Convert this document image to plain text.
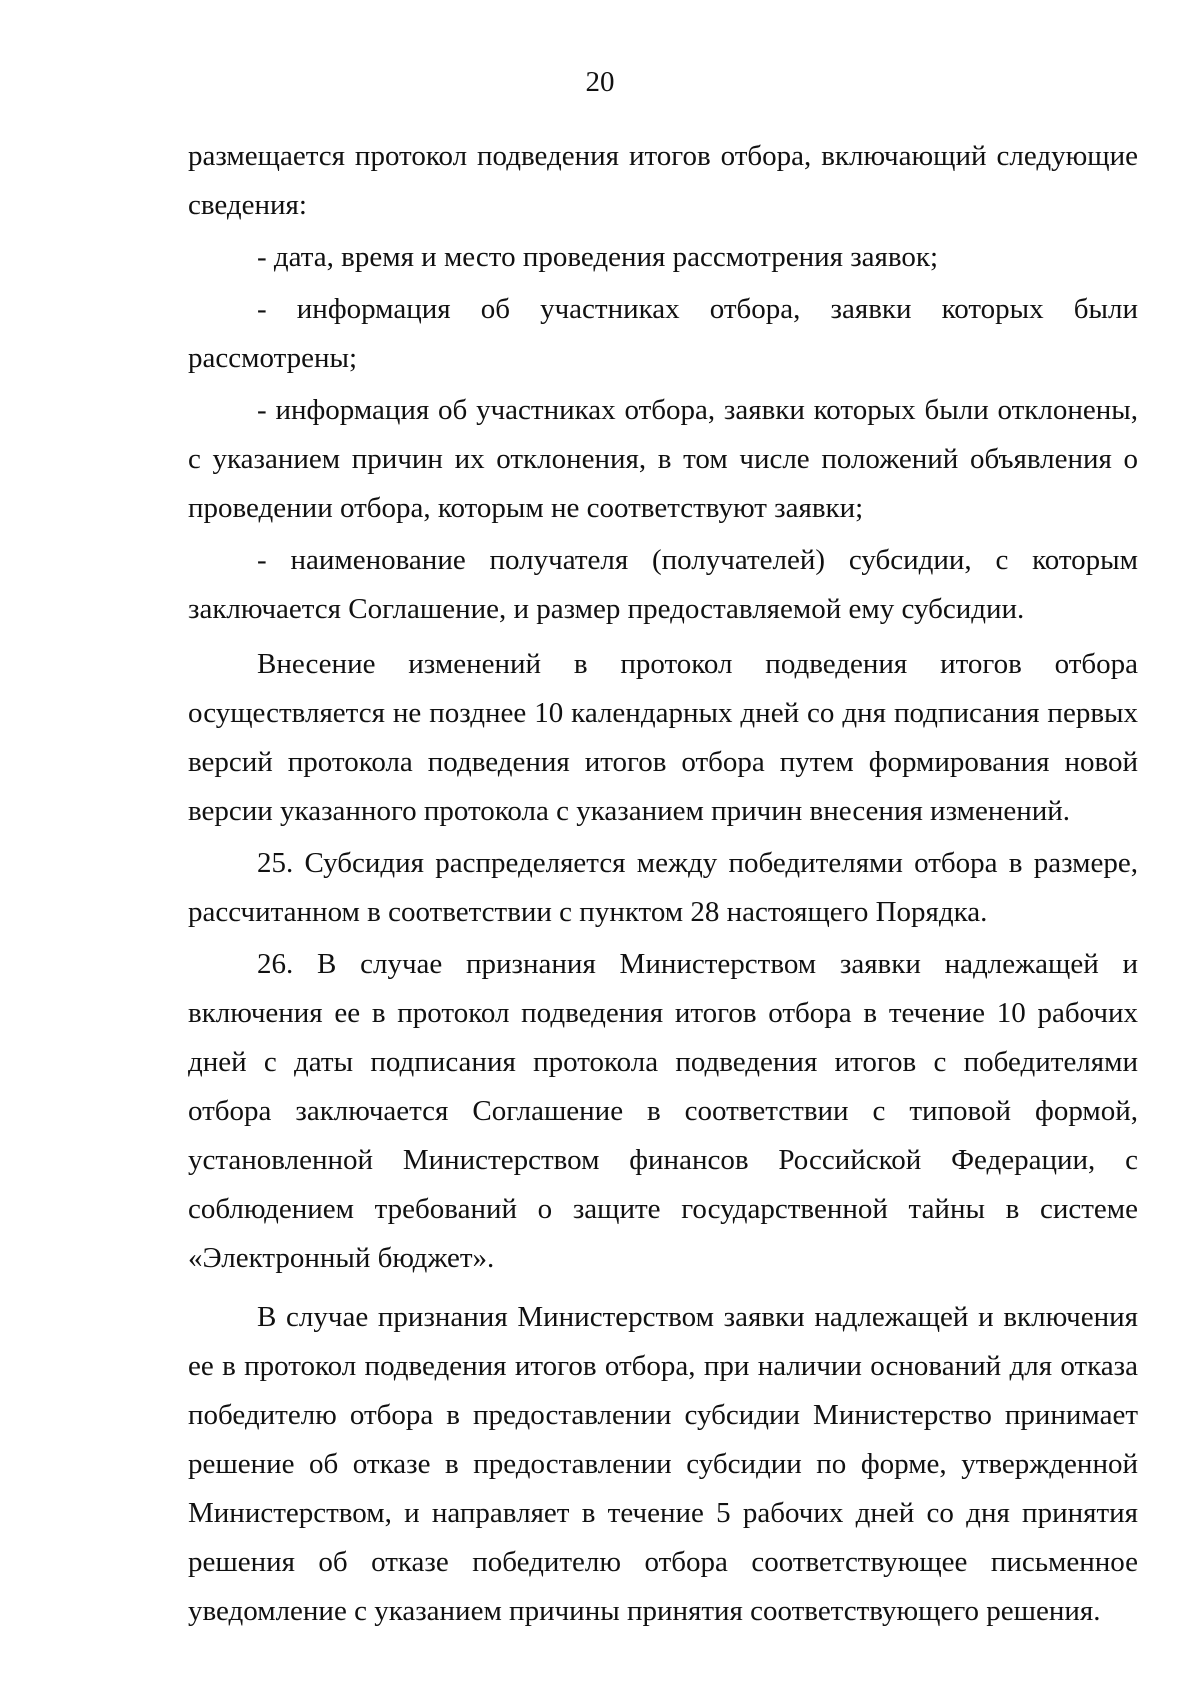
20

размещается протокол подведения итогов отбора, включающий следующие сведения:

- дата, время и место проведения рассмотрения заявок;

- информация об участниках отбора, заявки которых были рассмотрены;

- информация об участниках отбора, заявки которых были отклонены, с указанием причин их отклонения, в том числе положений объявления о проведении отбора, которым не соответствуют заявки;

- наименование получателя (получателей) субсидии, с которым заключается Соглашение, и размер предоставляемой ему субсидии.

Внесение изменений в протокол подведения итогов отбора осуществляется не позднее 10 календарных дней со дня подписания первых версий протокола подведения итогов отбора путем формирования новой версии указанного протокола с указанием причин внесения изменений.

25. Субсидия распределяется между победителями отбора в размере, рассчитанном в соответствии с пунктом 28 настоящего Порядка.

26. В случае признания Министерством заявки надлежащей и включения ее в протокол подведения итогов отбора в течение 10 рабочих дней с даты подписания протокола подведения итогов с победителями отбора заключается Соглашение в соответствии с типовой формой, установленной Министерством финансов Российской Федерации, с соблюдением требований о защите государственной тайны в системе «Электронный бюджет».

В случае признания Министерством заявки надлежащей и включения ее в протокол подведения итогов отбора, при наличии оснований для отказа победителю отбора в предоставлении субсидии Министерство принимает решение об отказе в предоставлении субсидии по форме, утвержденной Министерством, и направляет в течение 5 рабочих дней со дня принятия решения об отказе победителю отбора соответствующее письменное уведомление с указанием причины принятия соответствующего решения.
